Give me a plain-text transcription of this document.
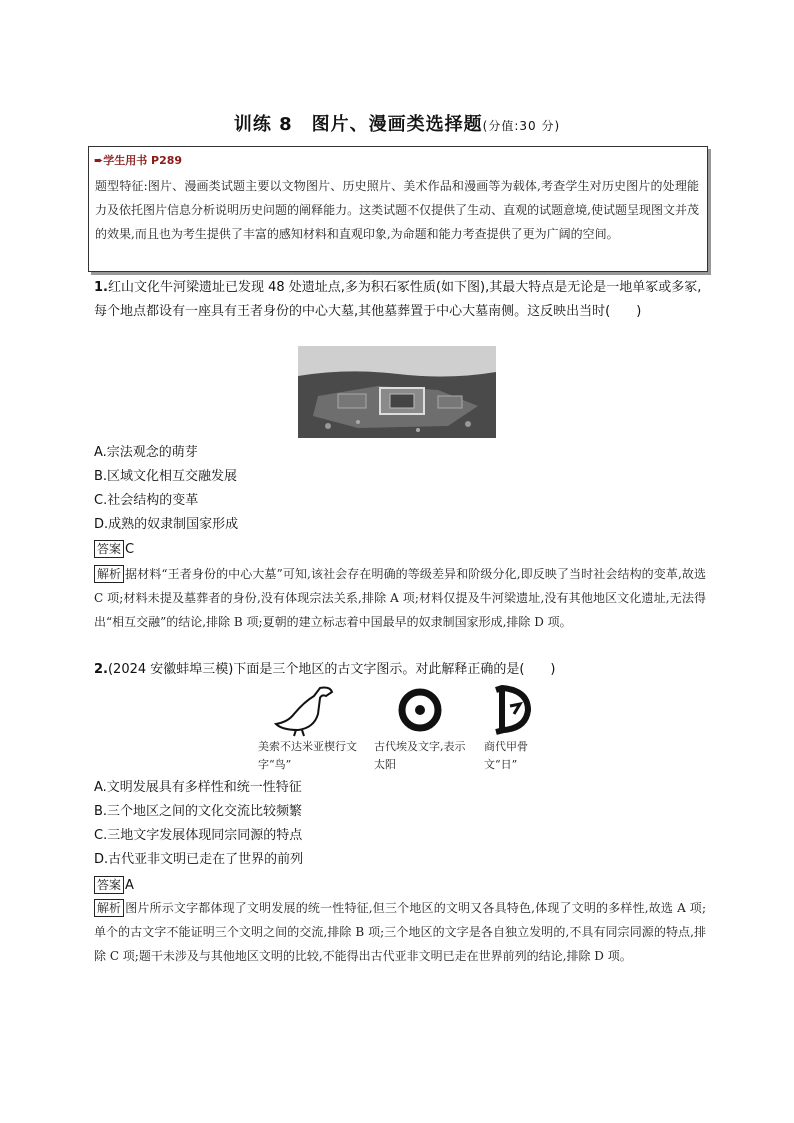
训练 8　图片、漫画类选择题(分值:30 分)
➨学生用书 P289
题型特征:图片、漫画类试题主要以文物图片、历史照片、美术作品和漫画等为载体,考查学生对历史图片的处理能力及依托图片信息分析说明历史问题的阐释能力。这类试题不仅提供了生动、直观的试题意境,使试题呈现图文并茂的效果,而且也为考生提供了丰富的感知材料和直观印象,为命题和能力考查提供了更为广阔的空间。
1.红山文化牛河梁遗址已发现 48 处遗址点,多为积石冢性质(如下图),其最大特点是无论是一地单冢或多冢,每个地点都设有一座具有王者身份的中心大墓,其他墓葬置于中心大墓南侧。这反映出当时(　　)
A.宗法观念的萌芽
B.区域文化相互交融发展
C.社会结构的变革
D.成熟的奴隶制国家形成
答案 C
解析 据材料“王者身份的中心大墓”可知,该社会存在明确的等级差异和阶级分化,即反映了当时社会结构的变革,故选 C 项;材料未提及墓葬者的身份,没有体现宗法关系,排除 A 项;材料仅提及牛河梁遗址,没有其他地区文化遗址,无法得出“相互交融”的结论,排除 B 项;夏朝的建立标志着中国最早的奴隶制国家形成,排除 D 项。
2.(2024 安徽蚌埠三模)下面是三个地区的古文字图示。对此解释正确的是(　　)
美索不达米亚楔行文字“鸟”
古代埃及文字,表示太阳
商代甲骨文“日”
A.文明发展具有多样性和统一性特征
B.三个地区之间的文化交流比较频繁
C.三地文字发展体现同宗同源的特点
D.古代亚非文明已走在了世界的前列
答案 A
解析 图片所示文字都体现了文明发展的统一性特征,但三个地区的文明又各具特色,体现了文明的多样性,故选 A 项;单个的古文字不能证明三个文明之间的交流,排除 B 项;三个地区的文字是各自独立发明的,不具有同宗同源的特点,排除 C 项;题干未涉及与其他地区文明的比较,不能得出古代亚非文明已走在世界前列的结论,排除 D 项。
